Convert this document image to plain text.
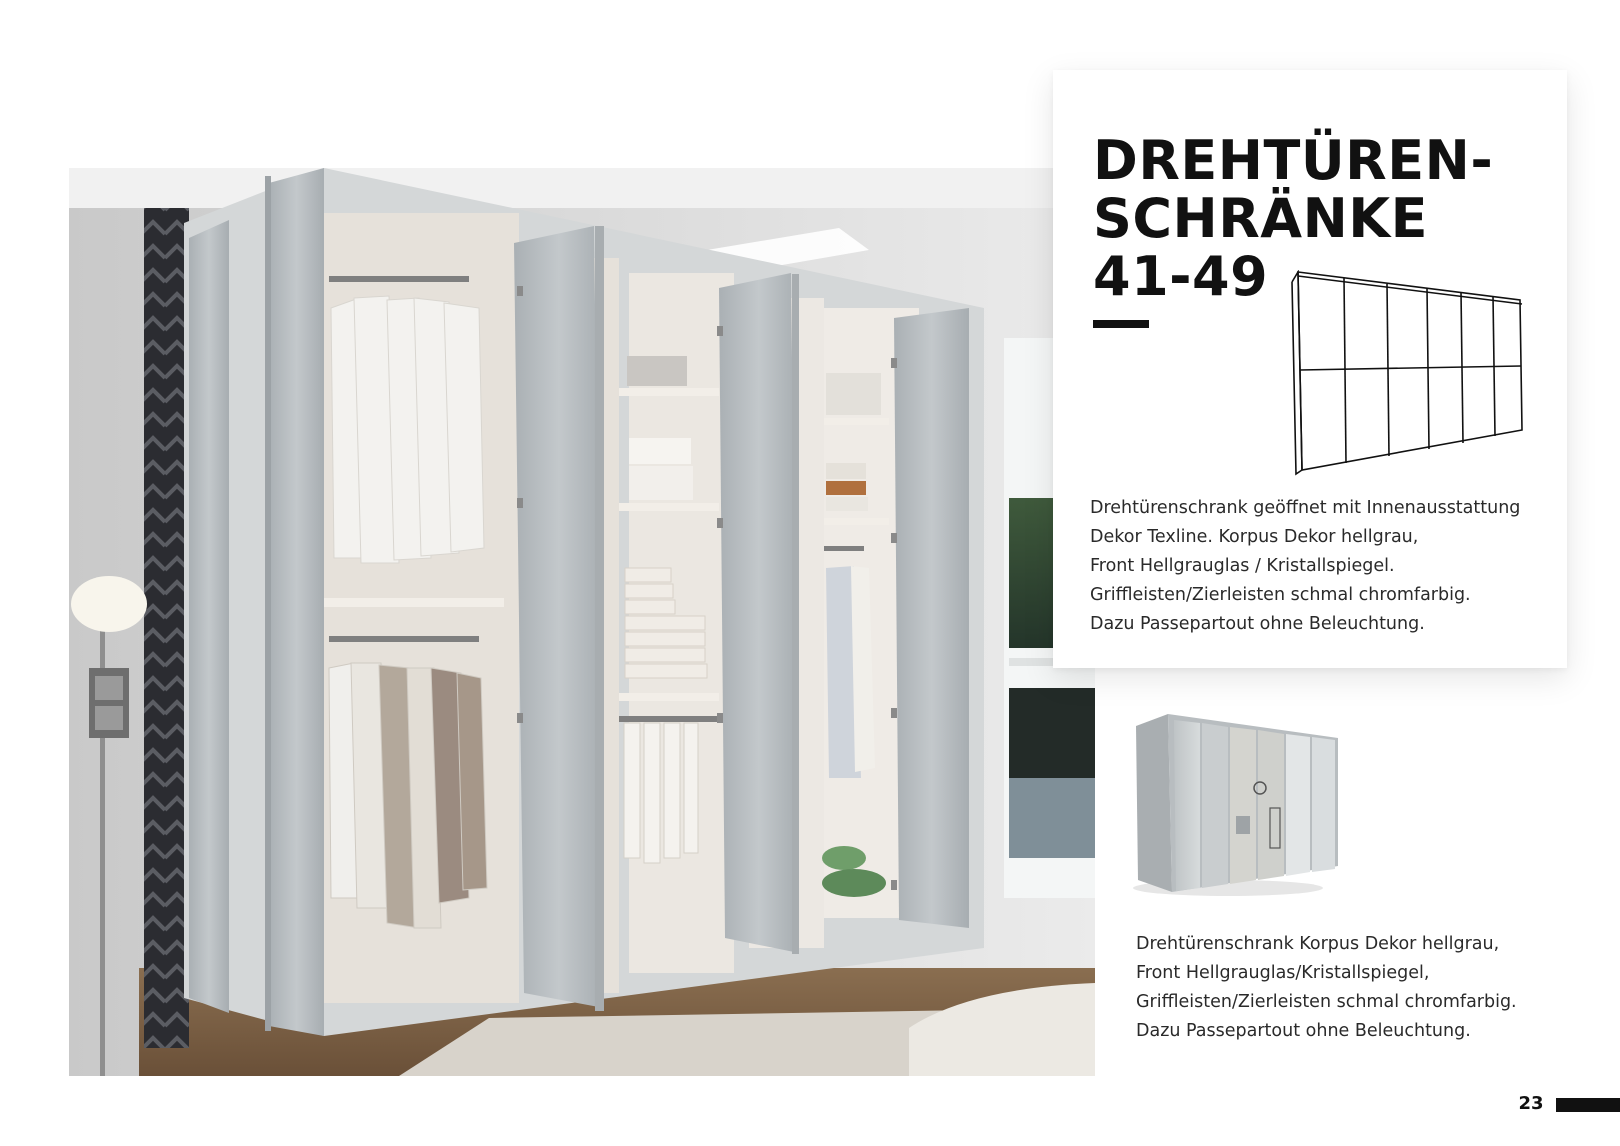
DREHTÜREN-
SCHRÄNKE
41-49
Drehtürenschrank geöffnet mit Innenausstattung
Dekor Texline. Korpus Dekor hellgrau,
Front Hellgrauglas / Kristallspiegel.
Griffleisten/Zierleisten schmal chromfarbig.
Dazu Passepartout ohne Beleuchtung.
Drehtürenschrank Korpus Dekor hellgrau,
Front Hellgrauglas/Kristallspiegel,
Griffleisten/Zierleisten schmal chromfarbig.
Dazu Passepartout ohne Beleuchtung.
23
